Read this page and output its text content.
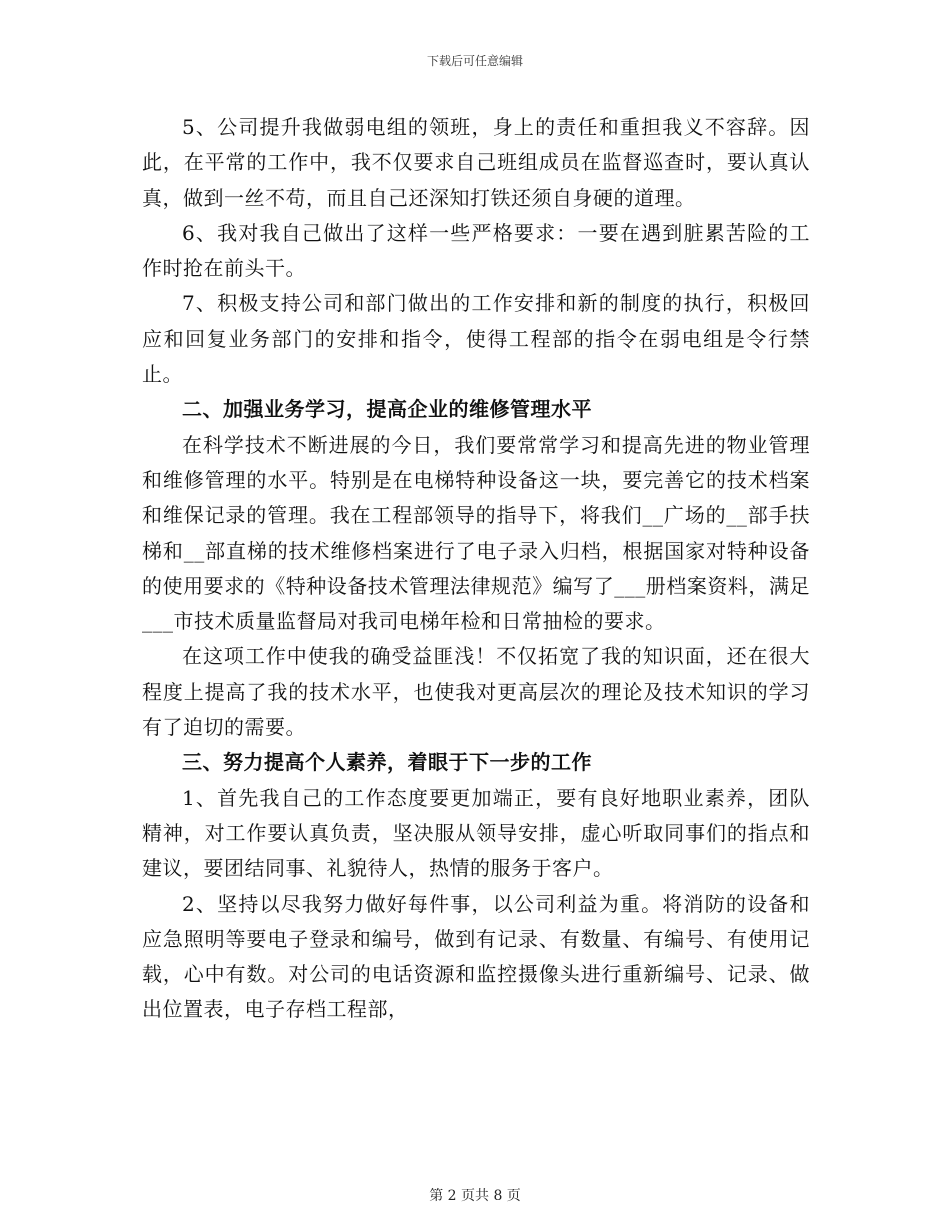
下载后可任意编辑

5、公司提升我做弱电组的领班，身上的责任和重担我义不容辞。因此，在平常的工作中，我不仅要求自己班组成员在监督巡查时，要认真认真，做到一丝不苟，而且自己还深知打铁还须自身硬的道理。

6、我对我自己做出了这样一些严格要求：一要在遇到脏累苦险的工作时抢在前头干。

7、积极支持公司和部门做出的工作安排和新的制度的执行，积极回应和回复业务部门的安排和指令，使得工程部的指令在弱电组是令行禁止。

二、加强业务学习，提高企业的维修管理水平

在科学技术不断进展的今日，我们要常常学习和提高先进的物业管理和维修管理的水平。特别是在电梯特种设备这一块，要完善它的技术档案和维保记录的管理。我在工程部领导的指导下，将我们__广场的__部手扶梯和__部直梯的技术维修档案进行了电子录入归档，根据国家对特种设备的使用要求的《特种设备技术管理法律规范》编写了___册档案资料，满足___市技术质量监督局对我司电梯年检和日常抽检的要求。

在这项工作中使我的确受益匪浅！不仅拓宽了我的知识面，还在很大程度上提高了我的技术水平，也使我对更高层次的理论及技术知识的学习有了迫切的需要。

三、努力提高个人素养，着眼于下一步的工作

1、首先我自己的工作态度要更加端正，要有良好地职业素养，团队精神，对工作要认真负责，坚决服从领导安排，虚心听取同事们的指点和建议，要团结同事、礼貌待人，热情的服务于客户。

2、坚持以尽我努力做好每件事，以公司利益为重。将消防的设备和应急照明等要电子登录和编号，做到有记录、有数量、有编号、有使用记载，心中有数。对公司的电话资源和监控摄像头进行重新编号、记录、做出位置表，电子存档工程部，

第 2 页共 8 页
